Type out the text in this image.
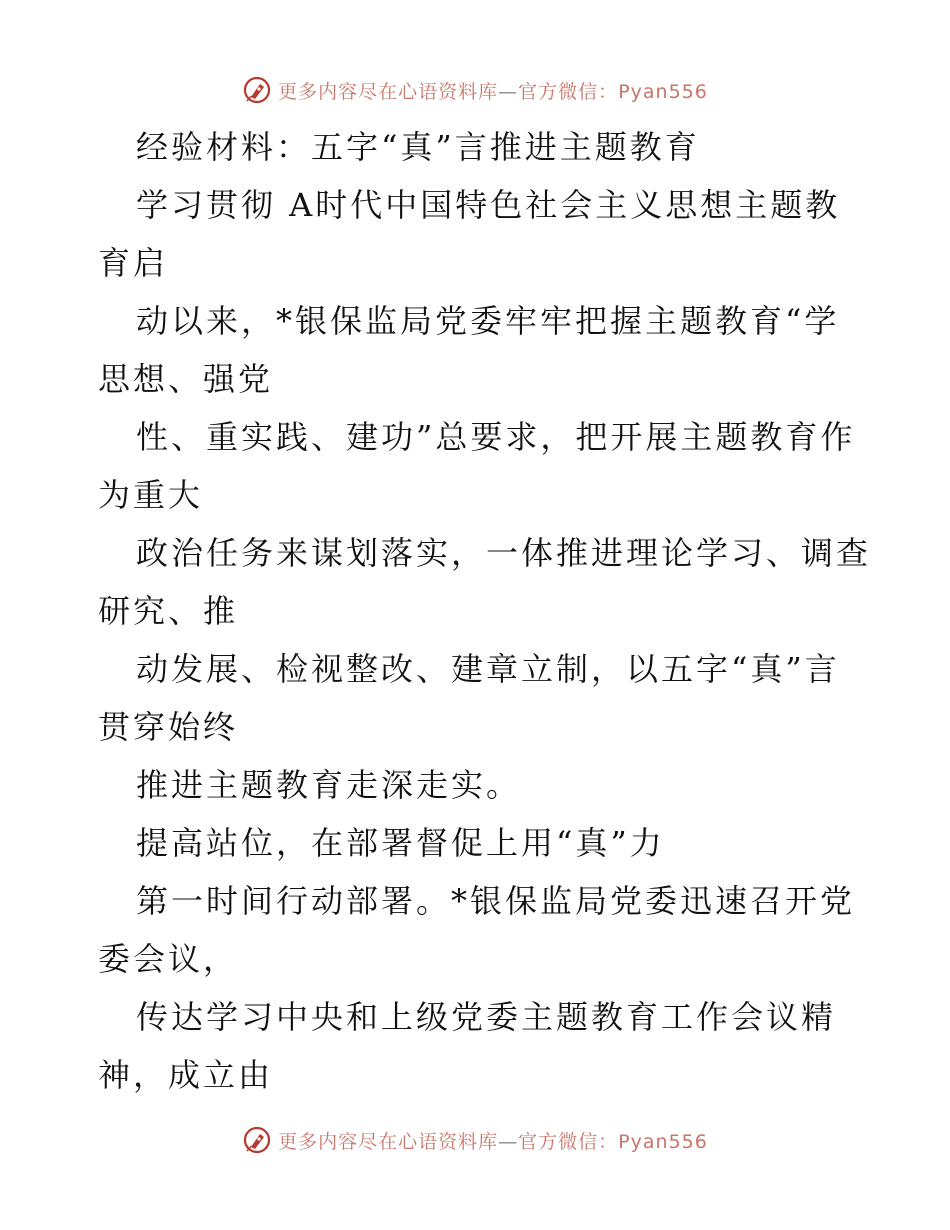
更多内容尽在心语资料库—官方微信：Pyan556
经验材料：五字“真”言推进主题教育
学习贯彻 A时代中国特色社会主义思想主题教
育启
动以来，*银保监局党委牢牢把握主题教育“学
思想、强党
性、重实践、建功”总要求，把开展主题教育作
为重大
政治任务来谋划落实，一体推进理论学习、调查
研究、推
动发展、检视整改、建章立制，以五字“真”言
贯穿始终
推进主题教育走深走实。
提高站位，在部署督促上用“真”力
第一时间行动部署。*银保监局党委迅速召开党
委会议，
传达学习中央和上级党委主题教育工作会议精
神，成立由
更多内容尽在心语资料库—官方微信：Pyan556
